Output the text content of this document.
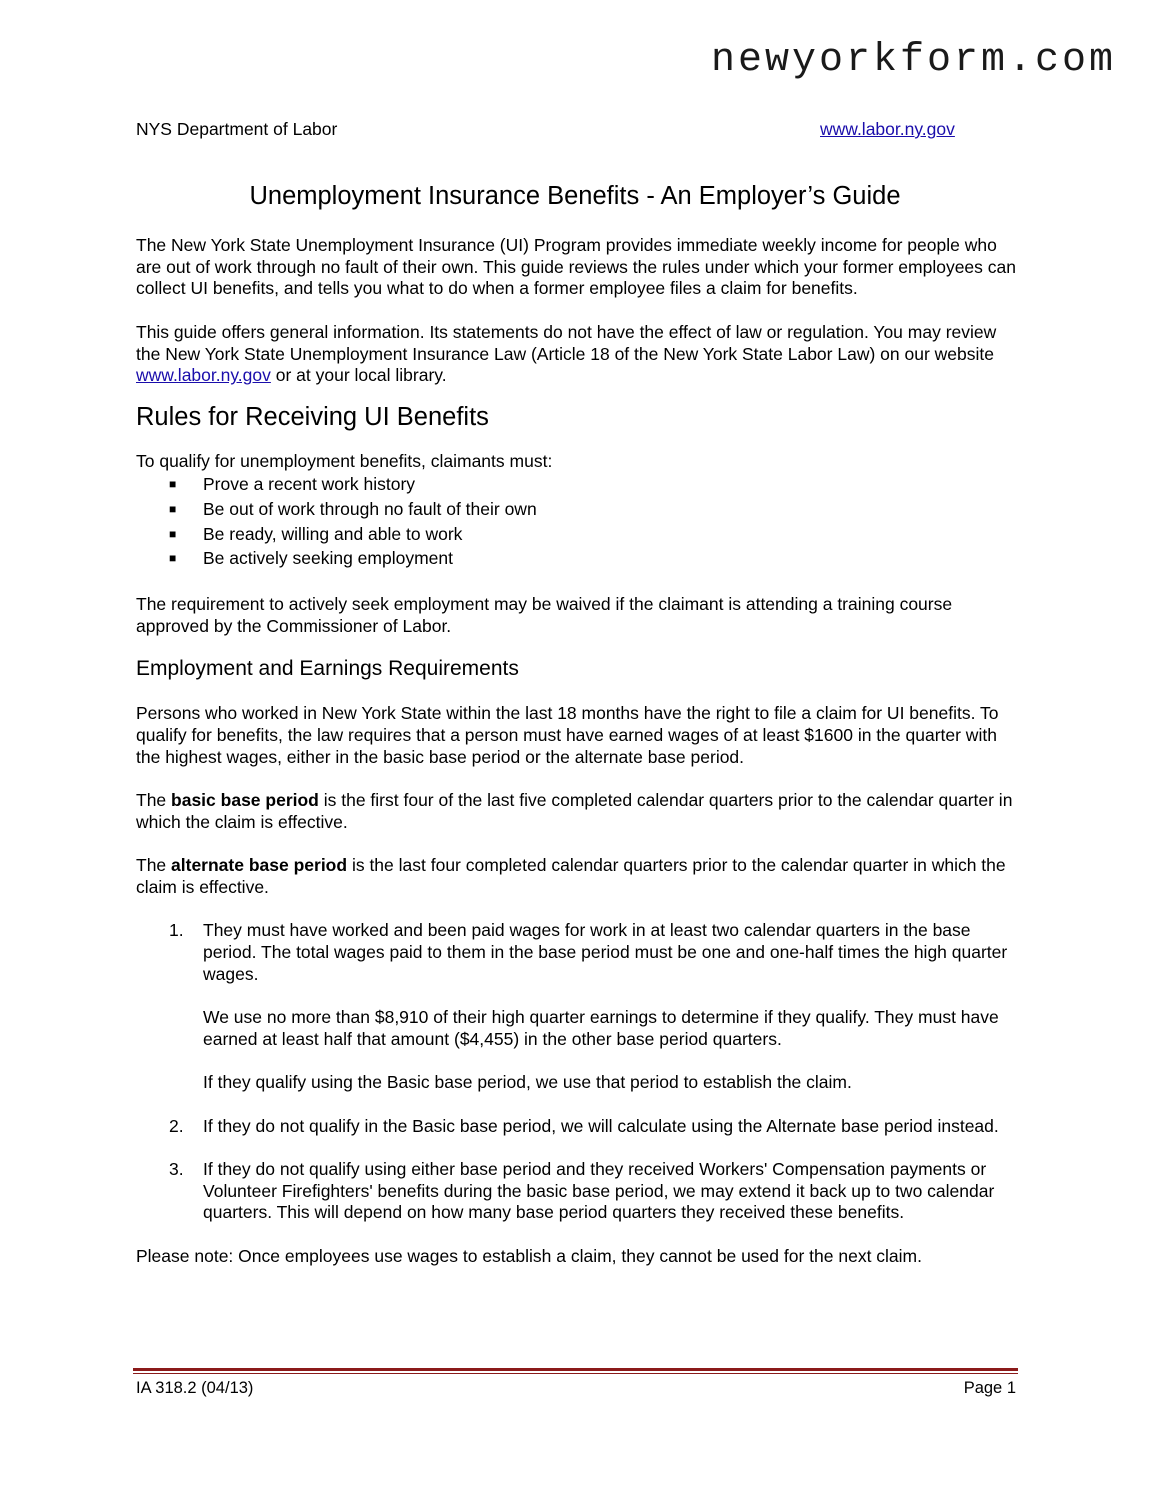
newyorkform.com
NYS Department of Labor	www.labor.ny.gov
Unemployment Insurance Benefits - An Employer’s Guide

The New York State Unemployment Insurance (UI) Program provides immediate weekly income for people who are out of work through no fault of their own. This guide reviews the rules under which your former employees can collect UI benefits, and tells you what to do when a former employee files a claim for benefits.

This guide offers general information. Its statements do not have the effect of law or regulation. You may review the New York State Unemployment Insurance Law (Article 18 of the New York State Labor Law) on our website www.labor.ny.gov or at your local library.

Rules for Receiving UI Benefits

To qualify for unemployment benefits, claimants must:

■ Prove a recent work history
■ Be out of work through no fault of their own
■ Be ready, willing and able to work
■ Be actively seeking employment

The requirement to actively seek employment may be waived if the claimant is attending a training course approved by the Commissioner of Labor.

Employment and Earnings Requirements

Persons who worked in New York State within the last 18 months have the right to file a claim for UI benefits. To qualify for benefits, the law requires that a person must have earned wages of at least $1600 in the quarter with the highest wages, either in the basic base period or the alternate base period.

The basic base period is the first four of the last five completed calendar quarters prior to the calendar quarter in which the claim is effective.

The alternate base period is the last four completed calendar quarters prior to the calendar quarter in which the claim is effective.

1. They must have worked and been paid wages for work in at least two calendar quarters in the base period. The total wages paid to them in the base period must be one and one-half times the high quarter wages.

We use no more than $8,910 of their high quarter earnings to determine if they qualify. They must have earned at least half that amount ($4,455) in the other base period quarters.

If they qualify using the Basic base period, we use that period to establish the claim.

2. If they do not qualify in the Basic base period, we will calculate using the Alternate base period instead.

3. If they do not qualify using either base period and they received Workers' Compensation payments or Volunteer Firefighters' benefits during the basic base period, we may extend it back up to two calendar quarters. This will depend on how many base period quarters they received these benefits.

Please note: Once employees use wages to establish a claim, they cannot be used for the next claim.

IA 318.2 (04/13)	Page 1
